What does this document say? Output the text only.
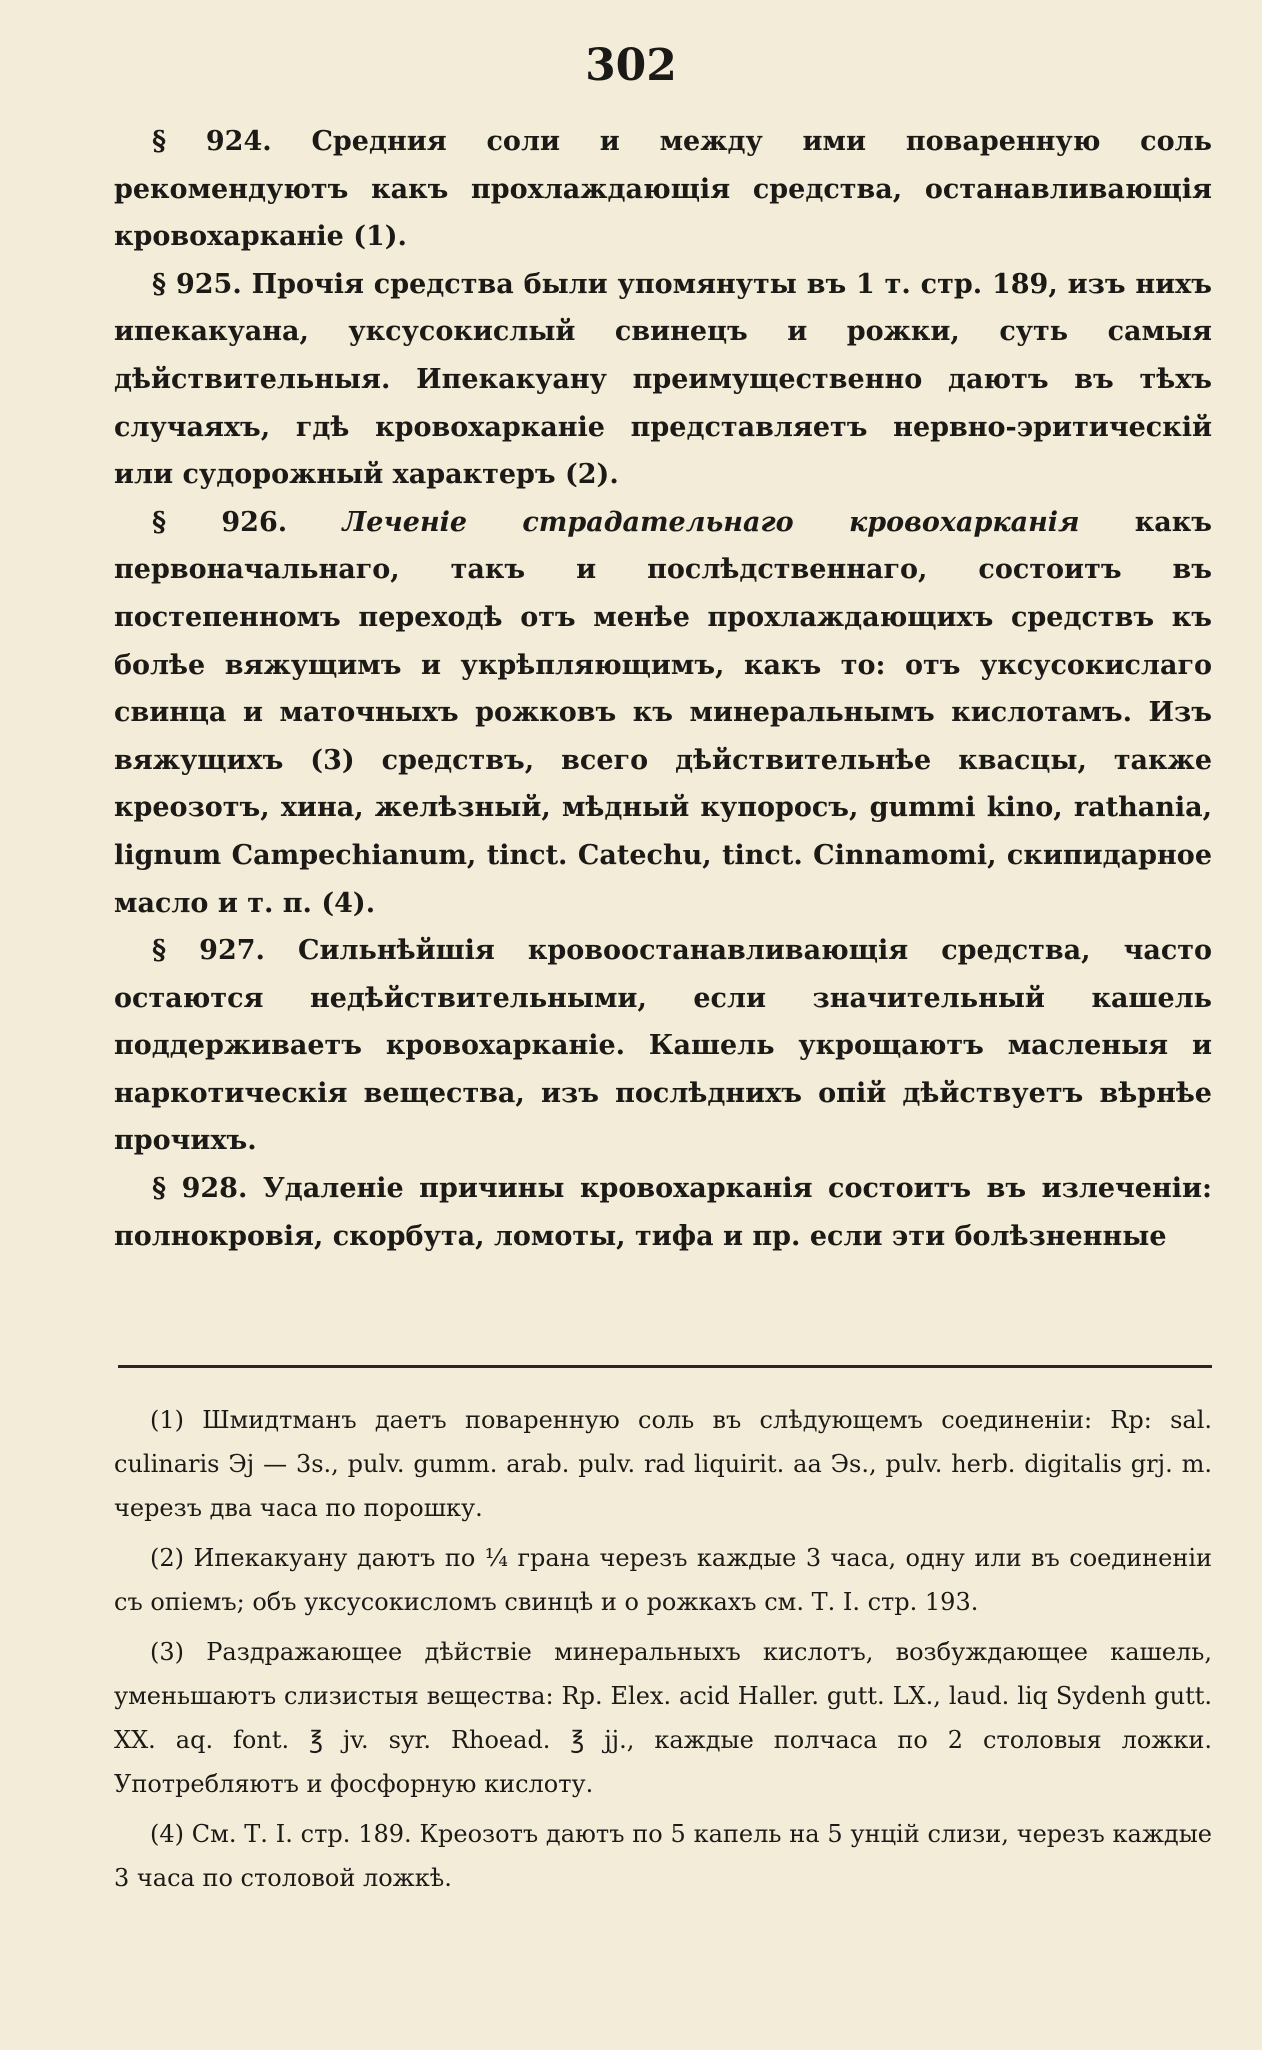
302

§ 924. Средния соли и между ими поваренную соль рекомендуютъ какъ прохлаждающія средства, останавливающія кровохарканіе (1).

§ 925. Прочія средства были упомянуты въ 1 т. стр. 189, изъ нихъ ипекакуана, уксусокислый свинецъ и рожки, суть самыя дѣйствительныя. Ипекакуану преимущественно даютъ въ тѣхъ случаяхъ, гдѣ кровохарканіе представляетъ нервно-эритическій или судорожный характеръ (2).

§ 926. Леченіе страдательнаго кровохарканія какъ первоначальнаго, такъ и послѣдственнаго, состоитъ въ постепенномъ переходѣ отъ менѣе прохлаждающихъ средствъ къ болѣе вяжущимъ и укрѣпляющимъ, какъ то: отъ уксусокислаго свинца и маточныхъ рожковъ къ минеральнымъ кислотамъ. Изъ вяжущихъ (3) средствъ, всего дѣйствительнѣе квасцы, также креозотъ, хина, желѣзный, мѣдный купоросъ, gummi kino, rathania, lignum Campechianum, tinct. Catechu, tinct. Cinnamomi, скипидарное масло и т. п. (4).

§ 927. Сильнѣйшія кровоостанавливающія средства, часто остаются недѣйствительными, если значительный кашель поддерживаетъ кровохарканіе. Кашель укрощаютъ масленыя и наркотическія вещества, изъ послѣднихъ опій дѣйствуетъ вѣрнѣе прочихъ.

§ 928. Удаленіе причины кровохарканія состоитъ въ излеченіи: полнокровія, скорбута, ломоты, тифа и пр. если эти болѣзненные

(1) Шмидтманъ даетъ поваренную соль въ слѣдующемъ соединеніи: Rp: sal. culinaris Эj — 3s., pulv. gumm. arab. pulv. rad liquirit. aa Эs., pulv. herb. digitalis grj. m. черезъ два часа по порошку.

(2) Ипекакуану даютъ по ¼ грана черезъ каждые 3 часа, одну или въ соединеніи съ опіемъ; объ уксусокисломъ свинцѣ и о рожкахъ см. Т. I. стр. 193.

(3) Раздражающее дѣйствіе минеральныхъ кислотъ, возбуждающее кашель, уменьшаютъ слизистыя вещества: Rp. Elex. acid Haller. gutt. LX., laud. liq Sydenh gutt. XX. aq. font. ℥ jv. syr. Rhoead. ℥ jj., каждые полчаса по 2 столовыя ложки. Употребляютъ и фосфорную кислоту.

(4) См. Т. I. стр. 189. Креозотъ даютъ по 5 капель на 5 унцій слизи, черезъ каждые 3 часа по столовой ложкѣ.
